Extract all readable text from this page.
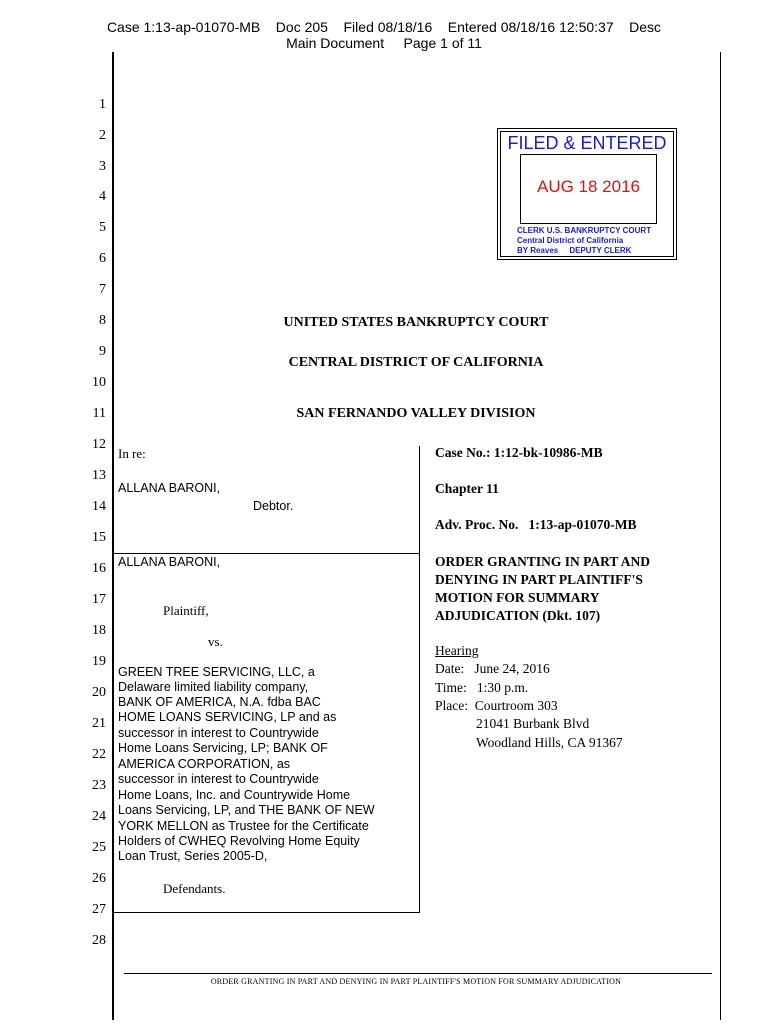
Case 1:13-ap-01070-MB    Doc 205    Filed 08/18/16    Entered 08/18/16 12:50:37    Desc
Main Document     Page 1 of 11
1
2
3
4
5
6
7
8
9
10
11
12
13
14
15
16
17
18
19
20
21
22
23
24
25
26
27
28
FILED & ENTERED
AUG 18 2016
CLERK U.S. BANKRUPTCY COURT
Central District of California
BY Reaves     DEPUTY CLERK
UNITED STATES BANKRUPTCY COURT
CENTRAL DISTRICT OF CALIFORNIA
SAN FERNANDO VALLEY DIVISION
In re:
ALLANA BARONI,
Debtor.
ALLANA BARONI,
Plaintiff,
vs.
GREEN TREE SERVICING, LLC, a
Delaware limited liability company,
BANK OF AMERICA, N.A. fdba BAC
HOME LOANS SERVICING, LP and as
successor in interest to Countrywide
Home Loans Servicing, LP; BANK OF
AMERICA CORPORATION, as
successor in interest to Countrywide
Home Loans, Inc. and Countrywide Home
Loans Servicing, LP, and THE BANK OF NEW
YORK MELLON as Trustee for the Certificate
Holders of CWHEQ Revolving Home Equity
Loan Trust, Series 2005-D,
Defendants.
Case No.: 1:12-bk-10986-MB
Chapter 11
Adv. Proc. No.   1:13-ap-01070-MB
ORDER GRANTING IN PART AND
DENYING IN PART PLAINTIFF'S
MOTION FOR SUMMARY
ADJUDICATION (Dkt. 107)
Hearing
Date:   June 24, 2016
Time:   1:30 p.m.
Place:  Courtroom 303
21041 Burbank Blvd
Woodland Hills, CA 91367
ORDER GRANTING IN PART AND DENYING IN PART PLAINTIFF'S MOTION FOR SUMMARY ADJUDICATION
